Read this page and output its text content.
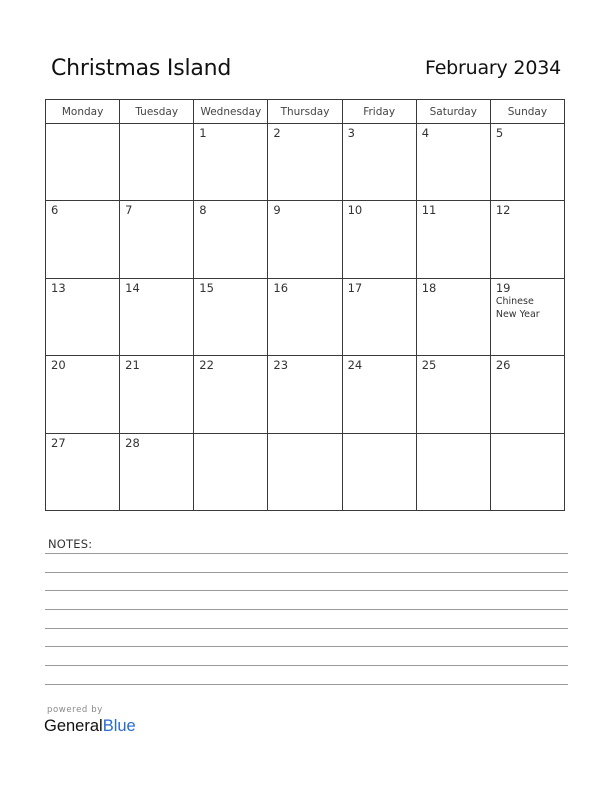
Christmas Island	February 2034
Monday	Tuesday	Wednesday	Thursday	Friday	Saturday	Sunday

		1	2	3	4	5

6	7	8	9	10	11	12

13	14	15	16	17	18	19
Chinese
New Year

20	21	22	23	24	25	26

27	28					

NOTES:
powered by
GeneralBlue
